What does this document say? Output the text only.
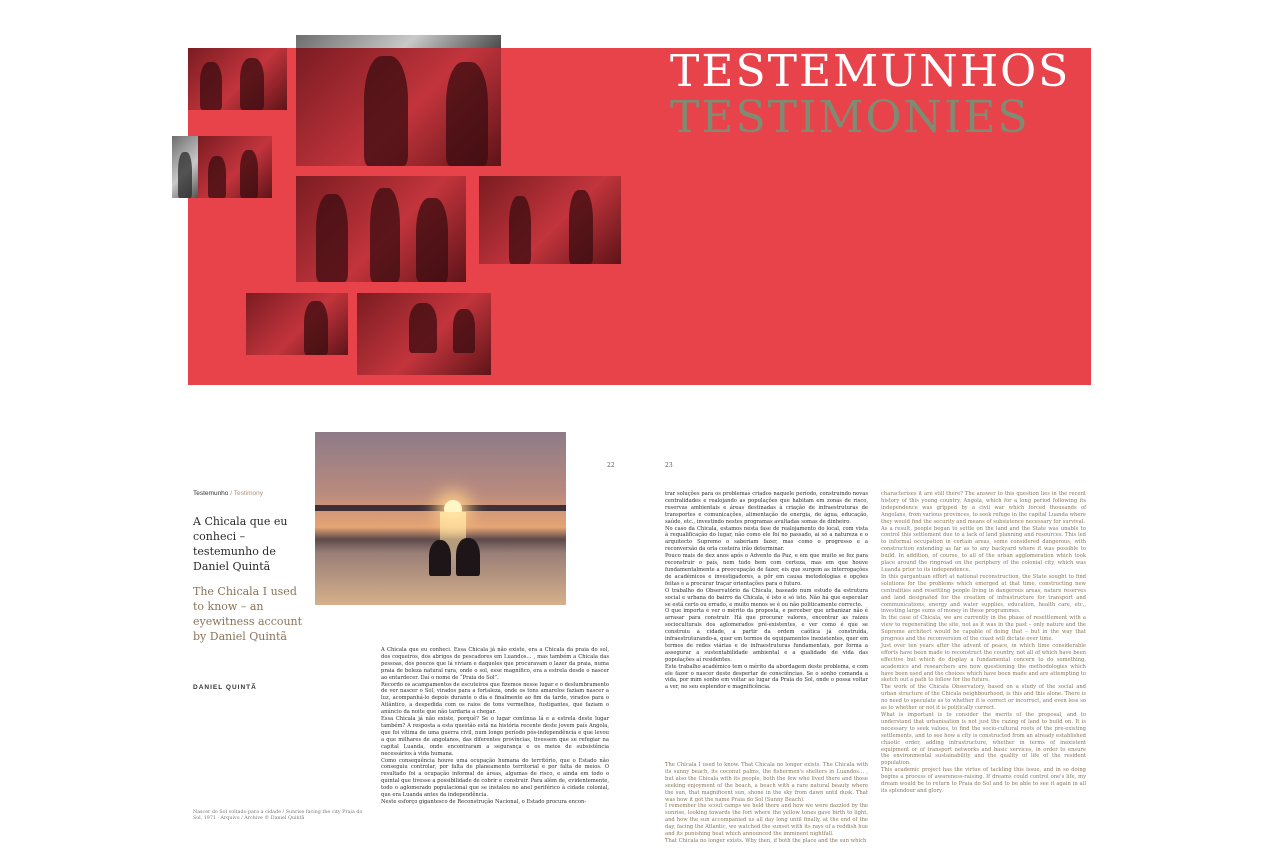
TESTEMUNHOS
TESTIMONIES
22	23
Testemunho / Testimony
A Chicala que eu conheci – testemunho de Daniel Quintã
The Chicala I used to know – an eyewitness account by Daniel Quintã
DANIEL QUINTÃ
Nascer do Sol voltado para a cidade / Sunrise facing the city Praia do Sol, 1971 · Arquivo / Archive © Daniel Quintã

A Chicala que eu conheci. Essa Chicala já não existe, era a Chicala da praia do sol, dos coqueiros, dos abrigos de pescadores em Luandos… , mas também a Chicala das pessoas, dos poucos que lá viviam e daqueles que procuravam o lazer da praia, numa praia de beleza natural rara, onde o sol, esse magnífico, era a estrela desde o nascer ao entardecer. Daí o nome de “Praia do Sol”.

Recordo os acampamentos de escuteiros que fizemos nesse lugar e o deslumbramento de ver nascer o Sol, virados para a fortaleza, onde os tons amarelos faziam nascer a luz, acompanhá-lo depois durante o dia e finalmente ao fim da tarde, virados para o Atlântico, a despedida com os raios de tons vermelhos, fustigantes, que faziam o anúncio da noite que não tardaria a chegar.

Essa Chicala já não existe, porquê? Se o lugar continua lá e a estrela deste lugar também? A resposta a esta questão está na história recente deste jovem país Angola, que foi vítima de uma guerra civil, num longo período pós-independência e que levou a que milhares de angolanos, das diferentes províncias, tivessem que se refugiar na capital Luanda, onde encontraram a segurança e os meios de subsistência necessários à vida humana.

Como consequência houve uma ocupação humana do território, que o Estado não conseguiu controlar, por falta de planeamento territorial e por falta de meios. O resultado foi a ocupação informal de áreas, algumas de risco, e ainda em todo o quintal que tivesse a possibilidade de cobrir e construir. Para além de, evidentemente, todo o aglomerado populacional que se instalou no anel periférico à cidade colonial, que era Luanda antes da independência.

Neste esforço gigantesco de Reconstrução Nacional, o Estado procura encon-

trar soluções para os problemas criados naquele período, construindo novas centralidades e realojando as populações que habitam em zonas de risco, reservas ambientais e áreas destinadas à criação de infraestruturas de transportes e comunicações, alimentação de energia, de água, educação, saúde, etc., investindo nestes programas avultadas somas de dinheiro.

No caso da Chicala, estamos nesta fase de realojamento do local, com vista à requalificação do lugar, não como ele foi no passado, ai só a natureza e o arquitecto Supremo o saberiam fazer, mas como o progresso e a reconversão da orla costeira irão determinar.

Pouco mais de dez anos após o Advento da Paz, e em que muito se fez para reconstruir o país, nem tudo bem com certeza, mas em que houve fundamentalmente a preocupação de fazer, eis que surgem as interrogações de académicos e investigadores, a pôr em causa metodologias e opções feitas e a procurar traçar orientações para o futuro.

O trabalho do Observatório da Chicala, baseado num estudo da estrutura social e urbana do bairro da Chicala, é isto e só isto. Não há que especular se está certo ou errado, e muito menos se é ou não politicamente correcto.

O que importa é ver o mérito da proposta, e perceber que urbanizar não é arrasar para construir. Há que procurar valores, encontrar as raízes socioculturais dos aglomerados pré-existentes, e ver como é que se construiu a cidade, a partir da ordem caótica já construída, infraestruturando-a, quer em termos de equipamentos inexistentes, quer em termos de redes viárias e de infraestruturas fundamentais, por forma a assegurar a sustentabilidade ambiental e a qualidade de vida das populações aí residentes.

Este trabalho académico tem o mérito da abordagem deste problema, e com ele fazer o nascer deste despertar de consciências. Se o sonho comanda a vida, por mim sonho em voltar ao lugar da Praia do Sol, onde o possa voltar a ver, no seu esplendor e magnificência.

The Chicala I used to know. That Chicala no longer exists. The Chicala with its sunny beach, its coconut palms, the fishermen's shelters in Luandos… , but also the Chicala with its people, both the few who lived there and those seeking enjoyment of the beach, a beach with a rare natural beauty where the sun, that magnificent sun, shone in the sky from dawn until dusk. That was how it got the name Praia do Sol (Sunny Beach).

I remember the scout camps we held there and how we were dazzled by the sunrise, looking towards the fort where the yellow tones gave birth to light, and how the sun accompanied us all day long until finally, at the end of the day, facing the Atlantic, we watched the sunset with its rays of a reddish hue and its punishing heat which announced the imminent nightfall.

That Chicala no longer exists. Why then, if both the place and the sun which

characterises it are still there? The answer to this question lies in the recent history of this young country, Angola, which for a long period following its independence was gripped by a civil war which forced thousands of Angolans, from various provinces, to seek refuge in the capital Luanda where they would find the security and means of subsistence necessary for survival.

As a result, people began to settle on the land and the State was unable to control this settlement due to a lack of land planning and resources. This led to informal occupation in certain areas, some considered dangerous, with construction extending as far as to any backyard where it was possible to build. In addition, of course, to all of the urban agglomeration which took place around the ringroad on the periphery of the colonial city, which was Luanda prior to its independence.

In this gargantuan effort at national reconstruction, the State sought to find solutions for the problems which emerged at that time, constructing new centralities and resettling people living in dangerous areas, nature reserves and land designated for the creation of infrastructure for transport and communications, energy and water supplies, education, health care, etc., investing large sums of money in these programmes.

In the case of Chicala, we are currently in the phase of resettlement with a view to regenerating the site, not as it was in the past – only nature and the Supreme architect would be capable of doing that – but in the way that progress and the reconversion of the coast will dictate over time.

Just over ten years after the advent of peace, in which time considerable efforts have been made to reconstruct the country, not all of which have been effective but which do display a fundamental concern to do something, academics and researchers are now questioning the methodologies which have been used and the choices which have been made and are attempting to sketch out a path to follow for the future.

The work of the Chicala Observatory, based on a study of the social and urban structure of the Chicala neighbourhood, is this and this alone. There is no need to speculate as to whether it is correct or incorrect, and even less so as to whether or not it is politically correct.

What is important is to consider the merits of the proposal, and to understand that urbanisation is not just the razing of land to build on. It is necessary to seek values, to find the socio-cultural roots of the pre-existing settlements, and to see how a city is constructed from an already established chaotic order, adding infrastructure, whether in terms of inexistent equipment or of transport networks and basic services, in order to ensure the environmental sustainability and the quality of life of the resident population.

This academic project has the virtue of tackling this issue, and in so doing begins a process of awareness-raising. If dreams could control one's life, my dream would be to return to Praia do Sol and to be able to see it again in all its splendour and glory.
